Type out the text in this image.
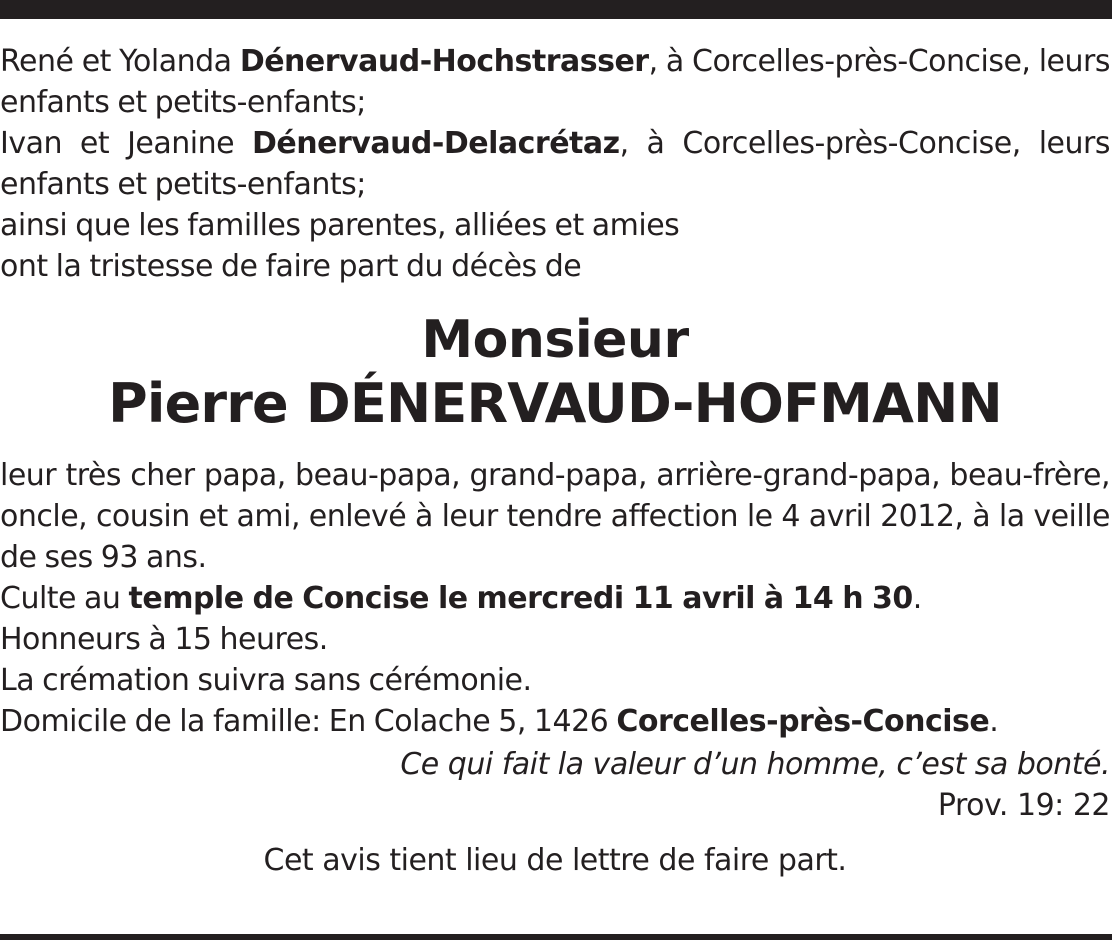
René et Yolanda Dénervaud-Hochstrasser, à Corcelles-près-Concise, leurs enfants et petits-enfants;
Ivan et Jeanine Dénervaud-Delacrétaz, à Corcelles-près-Concise, leurs enfants et petits-enfants;
ainsi que les familles parentes, alliées et amies
ont la tristesse de faire part du décès de
Monsieur
Pierre DÉNERVAUD-HOFMANN
leur très cher papa, beau-papa, grand-papa, arrière-grand-papa, beau-frère, oncle, cousin et ami, enlevé à leur tendre affection le 4 avril 2012, à la veille de ses 93 ans.
Culte au temple de Concise le mercredi 11 avril à 14 h 30.
Honneurs à 15 heures.
La crémation suivra sans cérémonie.
Domicile de la famille: En Colache 5, 1426 Corcelles-près-Concise.
Ce qui fait la valeur d’un homme, c’est sa bonté.
Prov. 19: 22
Cet avis tient lieu de lettre de faire part.
